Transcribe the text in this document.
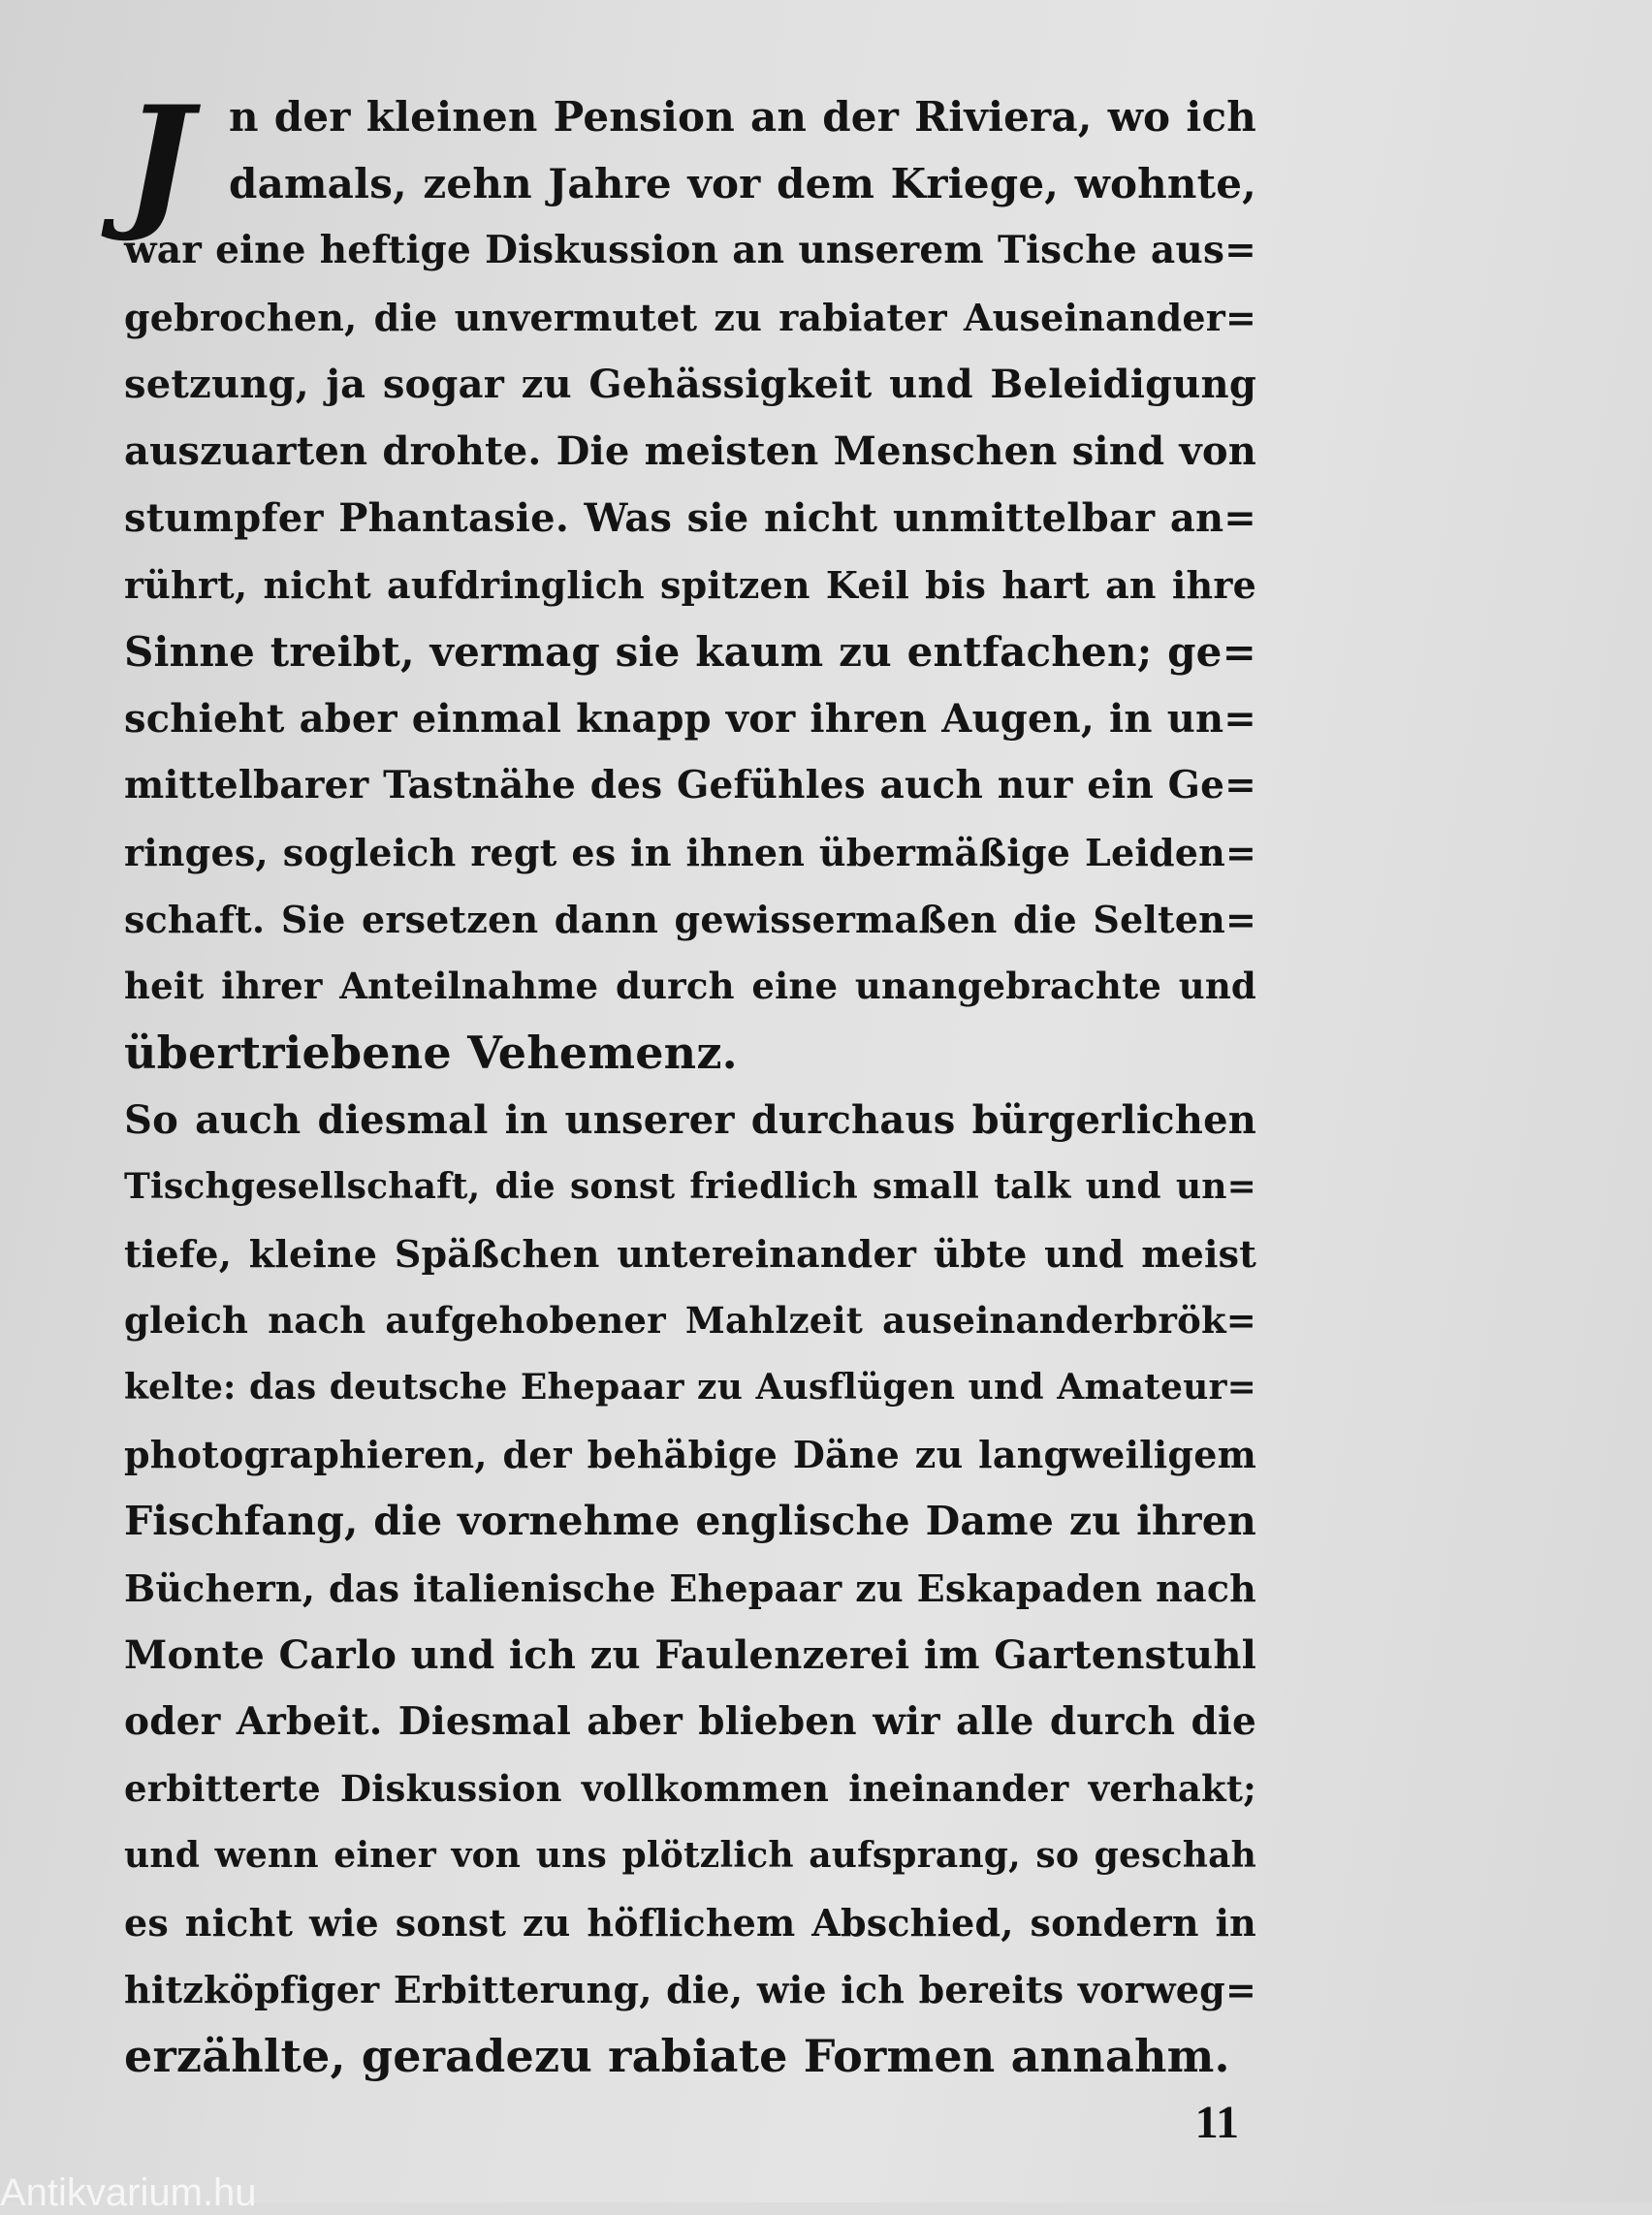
J n der kleinen Pension an der Riviera, wo ich
damals, zehn Jahre vor dem Kriege, wohnte,
war eine heftige Diskussion an unserem Tische aus=
gebrochen, die unvermutet zu rabiater Auseinander=
setzung, ja sogar zu Gehässigkeit und Beleidigung
auszuarten drohte. Die meisten Menschen sind von
stumpfer Phantasie. Was sie nicht unmittelbar an=
rührt, nicht aufdringlich spitzen Keil bis hart an ihre
Sinne treibt, vermag sie kaum zu entfachen; ge=
schieht aber einmal knapp vor ihren Augen, in un=
mittelbarer Tastnähe des Gefühles auch nur ein Ge=
ringes, sogleich regt es in ihnen übermäßige Leiden=
schaft. Sie ersetzen dann gewissermaßen die Selten=
heit ihrer Anteilnahme durch eine unangebrachte und
übertriebene Vehemenz.
So auch diesmal in unserer durchaus bürgerlichen
Tischgesellschaft, die sonst friedlich small talk und un=
tiefe, kleine Späßchen untereinander übte und meist
gleich nach aufgehobener Mahlzeit auseinanderbrök=
kelte: das deutsche Ehepaar zu Ausflügen und Amateur=
photographieren, der behäbige Däne zu langweiligem
Fischfang, die vornehme englische Dame zu ihren
Büchern, das italienische Ehepaar zu Eskapaden nach
Monte Carlo und ich zu Faulenzerei im Gartenstuhl
oder Arbeit. Diesmal aber blieben wir alle durch die
erbitterte Diskussion vollkommen ineinander verhakt;
und wenn einer von uns plötzlich aufsprang, so geschah
es nicht wie sonst zu höflichem Abschied, sondern in
hitzköpfiger Erbitterung, die, wie ich bereits vorweg=
erzählte, geradezu rabiate Formen annahm.
11
Antikvarium.hu
